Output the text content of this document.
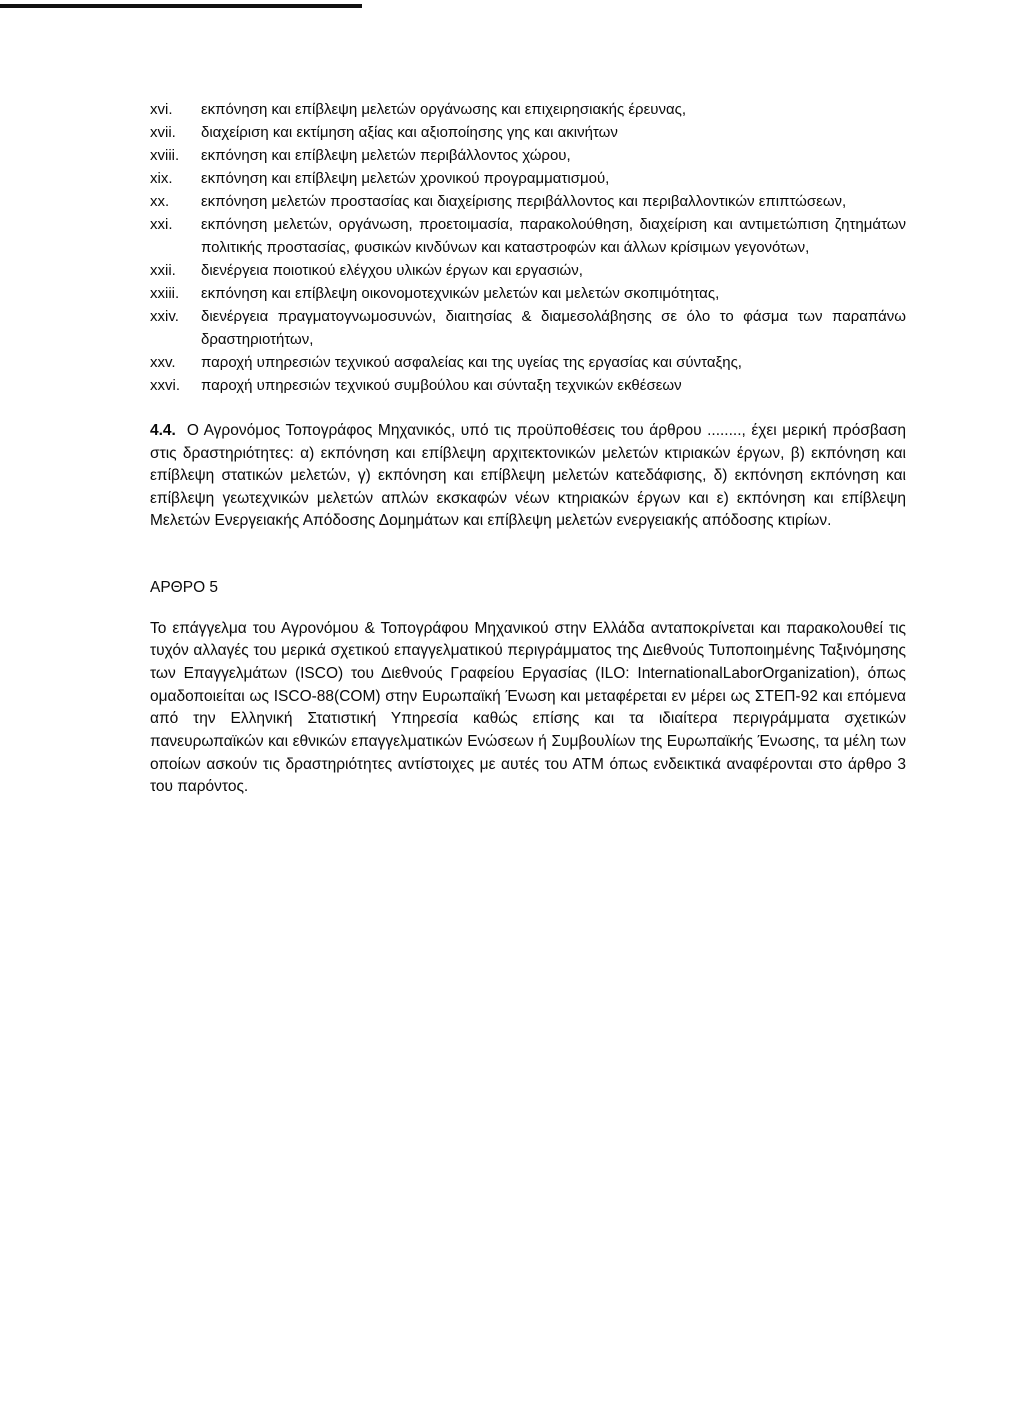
xvi.	εκπόνηση και επίβλεψη μελετών οργάνωσης και επιχειρησιακής έρευνας,
xvii.	διαχείριση και εκτίμηση αξίας και αξιοποίησης γης και ακινήτων
xviii.	εκπόνηση και επίβλεψη μελετών περιβάλλοντος χώρου,
xix.	εκπόνηση και επίβλεψη μελετών χρονικού προγραμματισμού,
xx.	εκπόνηση μελετών προστασίας και διαχείρισης περιβάλλοντος και περιβαλλοντικών επιπτώσεων,
xxi.	εκπόνηση μελετών, οργάνωση, προετοιμασία, παρακολούθηση, διαχείριση και αντιμετώπιση ζητημάτων πολιτικής προστασίας, φυσικών κινδύνων και καταστροφών και άλλων κρίσιμων γεγονότων,
xxii.	διενέργεια ποιοτικού ελέγχου υλικών έργων και εργασιών,
xxiii.	εκπόνηση και επίβλεψη οικονομοτεχνικών μελετών και μελετών σκοπιμότητας,
xxiv.	διενέργεια πραγματογνωμοσυνών, διαιτησίας & διαμεσολάβησης σε όλο το φάσμα των παραπάνω δραστηριοτήτων,
xxv.	παροχή υπηρεσιών τεχνικού ασφαλείας και της υγείας της εργασίας και σύνταξης,
xxvi.	παροχή υπηρεσιών τεχνικού συμβούλου και σύνταξη τεχνικών εκθέσεων

4.4. Ο Αγρονόμος Τοπογράφος Μηχανικός, υπό τις προϋποθέσεις του άρθρου ........, έχει μερική πρόσβαση στις δραστηριότητες: α) εκπόνηση και επίβλεψη αρχιτεκτονικών μελετών κτιριακών έργων, β) εκπόνηση και επίβλεψη στατικών μελετών, γ) εκπόνηση και επίβλεψη μελετών κατεδάφισης, δ) εκπόνηση εκπόνηση και επίβλεψη γεωτεχνικών μελετών απλών εκσκαφών νέων κτηριακών έργων και ε) εκπόνηση και επίβλεψη Μελετών Ενεργειακής Απόδοσης Δομημάτων και επίβλεψη μελετών ενεργειακής απόδοσης κτιρίων.

ΑΡΘΡΟ 5

Το επάγγελμα του Αγρονόμου & Τοπογράφου Μηχανικού στην Ελλάδα ανταποκρίνεται και παρακολουθεί τις τυχόν αλλαγές του μερικά σχετικού επαγγελματικού περιγράμματος της Διεθνούς Τυποποιημένης Ταξινόμησης των Επαγγελμάτων (ISCO) του Διεθνούς Γραφείου Εργασίας (ILO: InternationalLaborOrganization), όπως ομαδοποιείται ως ISCO-88(COM) στην Ευρωπαϊκή Ένωση και μεταφέρεται εν μέρει ως ΣΤΕΠ-92 και επόμενα από την Ελληνική Στατιστική Υπηρεσία καθώς επίσης και τα ιδιαίτερα περιγράμματα σχετικών πανευρωπαϊκών και εθνικών επαγγελματικών Ενώσεων ή Συμβουλίων της Ευρωπαϊκής Ένωσης, τα μέλη των οποίων ασκούν τις δραστηριότητες αντίστοιχες με αυτές του ΑΤΜ όπως ενδεικτικά αναφέρονται στο άρθρο 3 του παρόντος.
